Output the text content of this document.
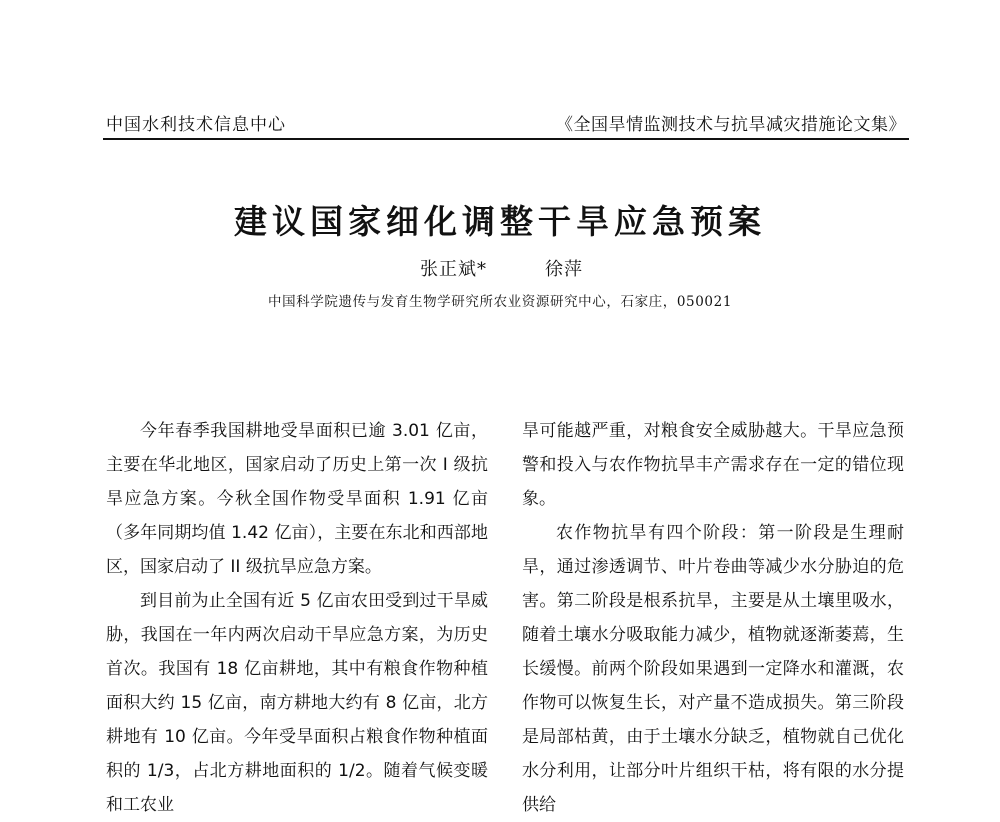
中国水利技术信息中心	《全国旱情监测技术与抗旱减灾措施论文集》
建议国家细化调整干旱应急预案
张正斌*	徐萍
中国科学院遗传与发育生物学研究所农业资源研究中心，石家庄，050021

今年春季我国耕地受旱面积已逾 3.01 亿亩，主要在华北地区，国家启动了历史上第一次 I 级抗旱应急方案。今秋全国作物受旱面积 1.91 亿亩（多年同期均值 1.42 亿亩），主要在东北和西部地区，国家启动了 II 级抗旱应急方案。

到目前为止全国有近 5 亿亩农田受到过干旱威胁，我国在一年内两次启动干旱应急方案，为历史首次。我国有 18 亿亩耕地，其中有粮食作物种植面积大约 15 亿亩，南方耕地大约有 8 亿亩，北方耕地有 10 亿亩。今年受旱面积占粮食作物种植面积的 1/3，占北方耕地面积的 1/2。随着气候变暖和工农业

旱可能越严重，对粮食安全威胁越大。干旱应急预警和投入与农作物抗旱丰产需求存在一定的错位现象。

农作物抗旱有四个阶段：第一阶段是生理耐旱，通过渗透调节、叶片卷曲等减少水分胁迫的危害。第二阶段是根系抗旱，主要是从土壤里吸水，随着土壤水分吸取能力减少，植物就逐渐萎蔫，生长缓慢。前两个阶段如果遇到一定降水和灌溉，农作物可以恢复生长，对产量不造成损失。第三阶段是局部枯黄，由于土壤水分缺乏，植物就自己优化水分利用，让部分叶片组织干枯，将有限的水分提供给
